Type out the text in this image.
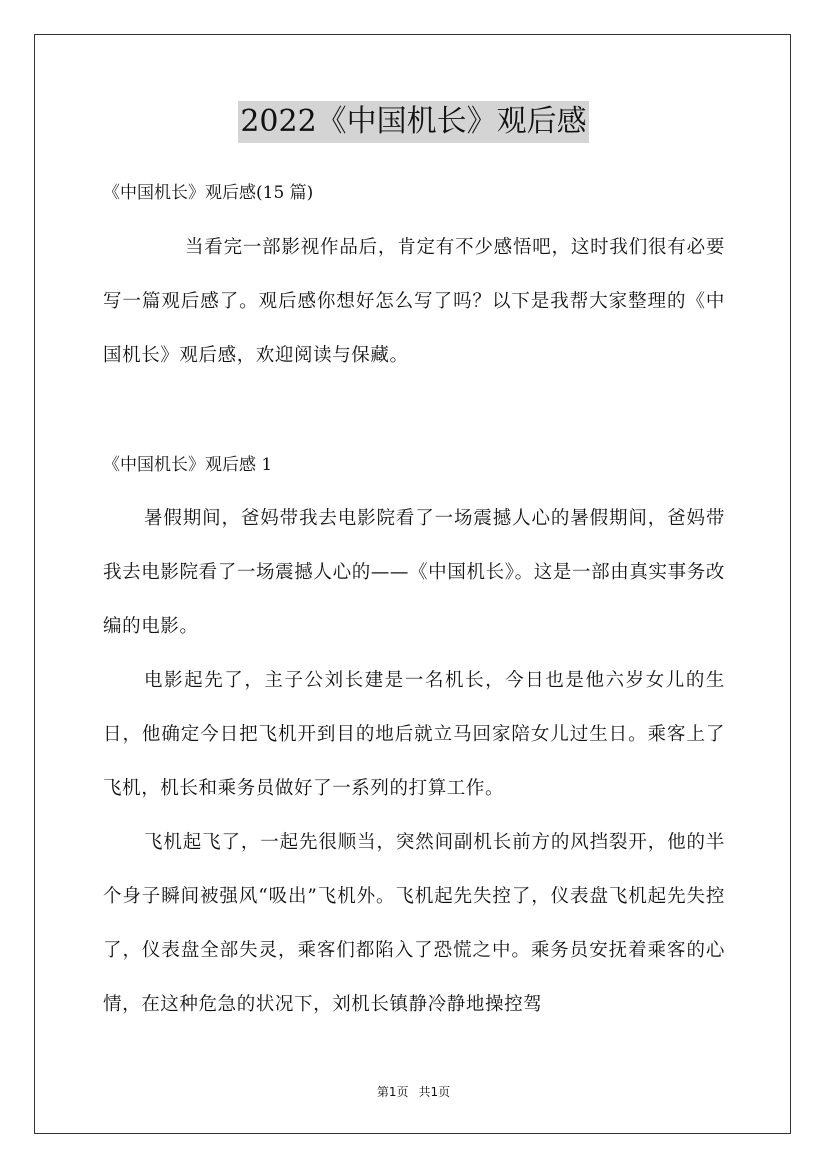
2022《中国机长》观后感
《中国机长》观后感(15 篇)
当看完一部影视作品后，肯定有不少感悟吧，这时我们很有必要写一篇观后感了。观后感你想好怎么写了吗？以下是我帮大家整理的《中国机长》观后感，欢迎阅读与保藏。
《中国机长》观后感 1
暑假期间，爸妈带我去电影院看了一场震撼人心的暑假期间，爸妈带我去电影院看了一场震撼人心的——《中国机长》。这是一部由真实事务改编的电影。
电影起先了，主子公刘长建是一名机长，今日也是他六岁女儿的生日，他确定今日把飞机开到目的地后就立马回家陪女儿过生日。乘客上了飞机，机长和乘务员做好了一系列的打算工作。
飞机起飞了，一起先很顺当，突然间副机长前方的风挡裂开，他的半个身子瞬间被强风“吸出”飞机外。飞机起先失控了，仪表盘飞机起先失控了，仪表盘全部失灵，乘客们都陷入了恐慌之中。乘务员安抚着乘客的心情，在这种危急的状况下，刘机长镇静冷静地操控驾
第1页 共1页
